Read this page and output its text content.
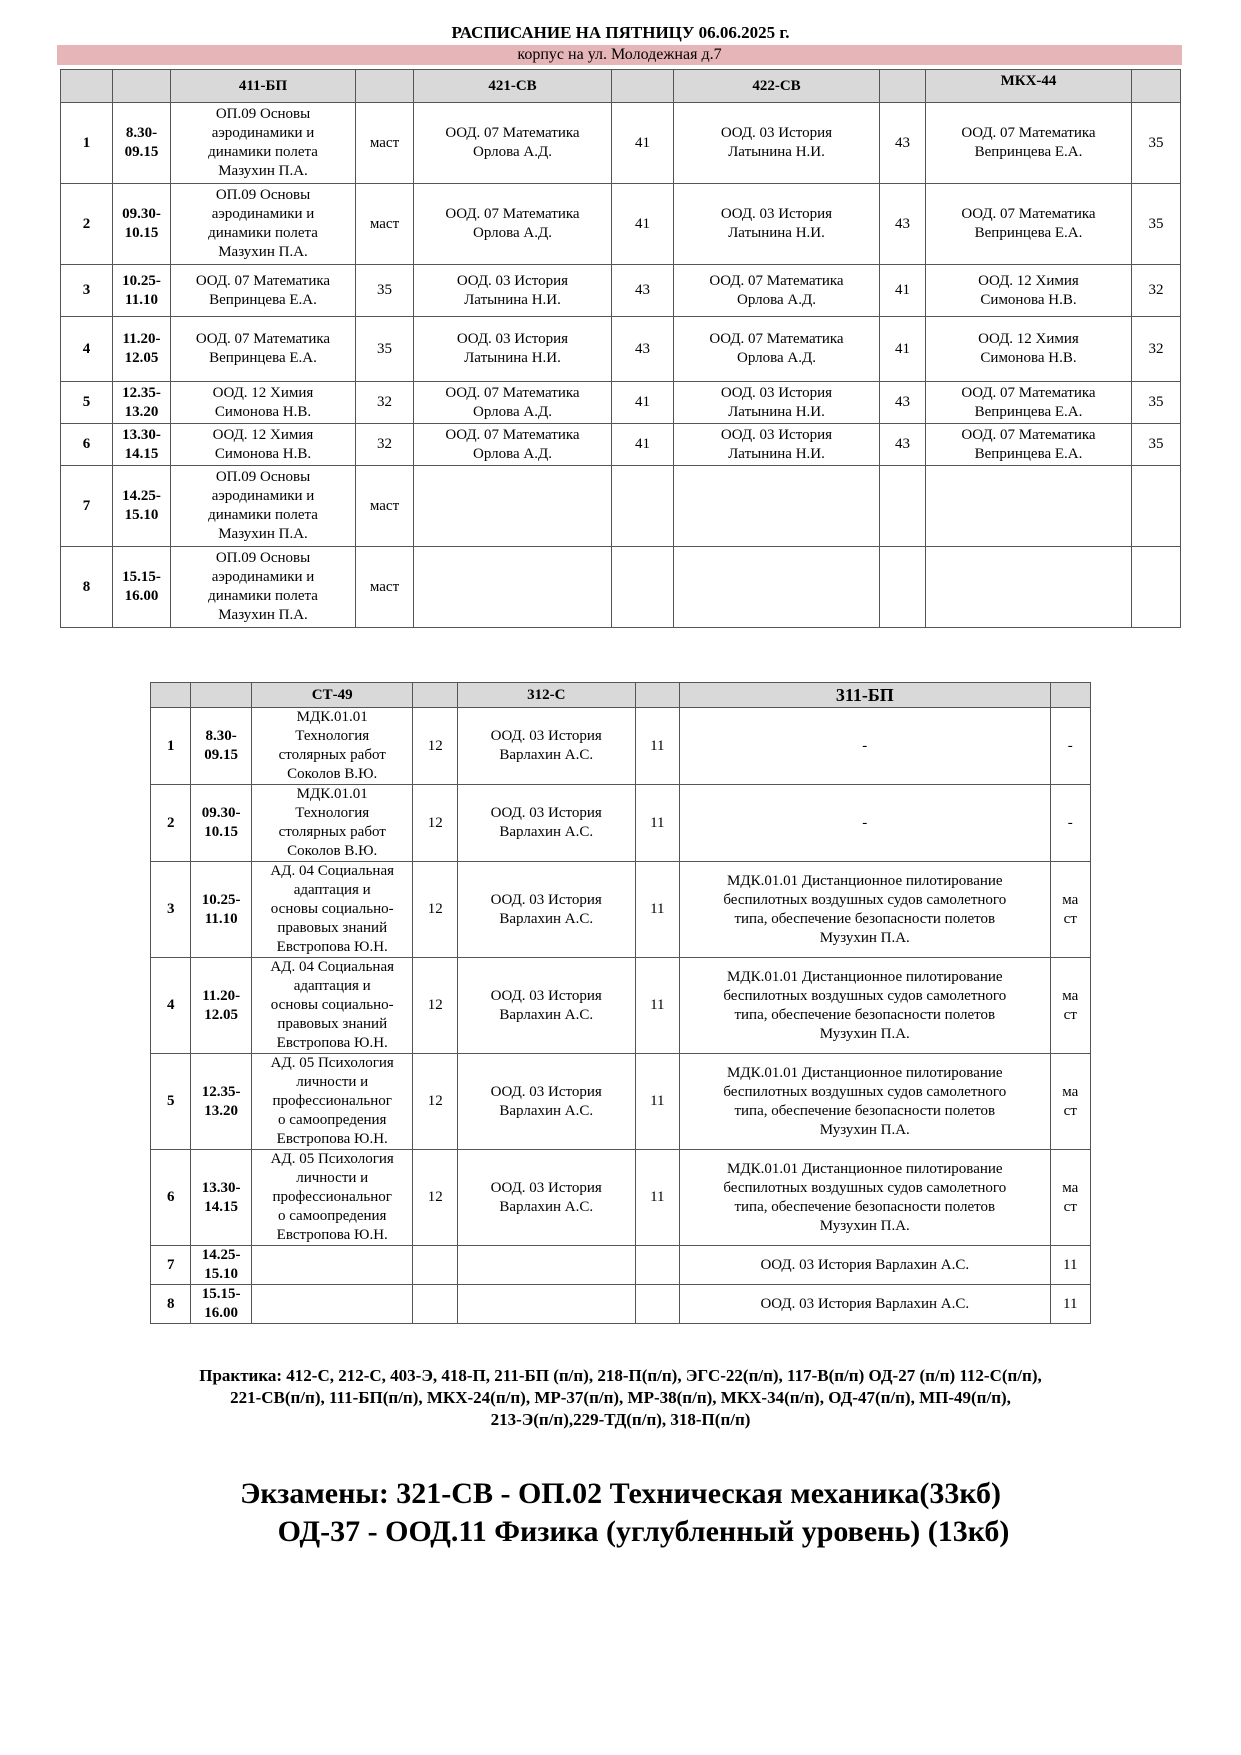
РАСПИСАНИЕ НА ПЯТНИЦУ 06.06.2025 г.
корпус на ул. Молодежная д.7
		411-БП		421-СВ		422-СВ		МКХ-44	
1	8.30-
09.15	ОП.09 Основы
аэродинамики и
динамики полета
Мазухин П.А.	маст	ООД. 07 Математика
Орлова А.Д.	41	ООД. 03 История
Латынина Н.И.	43	ООД. 07 Математика
Вепринцева Е.А.	35
2	09.30-
10.15	ОП.09 Основы
аэродинамики и
динамики полета
Мазухин П.А.	маст	ООД. 07 Математика
Орлова А.Д.	41	ООД. 03 История
Латынина Н.И.	43	ООД. 07 Математика
Вепринцева Е.А.	35
3	10.25-
11.10	ООД. 07 Математика
Вепринцева Е.А.	35	ООД. 03 История
Латынина Н.И.	43	ООД. 07 Математика
Орлова А.Д.	41	ООД. 12 Химия
Симонова Н.В.	32
4	11.20-
12.05	ООД. 07 Математика
Вепринцева Е.А.	35	ООД. 03 История
Латынина Н.И.	43	ООД. 07 Математика
Орлова А.Д.	41	ООД. 12 Химия
Симонова Н.В.	32
5	12.35-
13.20	ООД. 12 Химия
Симонова Н.В.	32	ООД. 07 Математика
Орлова А.Д.	41	ООД. 03 История
Латынина Н.И.	43	ООД. 07 Математика
Вепринцева Е.А.	35
6	13.30-
14.15	ООД. 12 Химия
Симонова Н.В.	32	ООД. 07 Математика
Орлова А.Д.	41	ООД. 03 История
Латынина Н.И.	43	ООД. 07 Математика
Вепринцева Е.А.	35
7	14.25-
15.10	ОП.09 Основы
аэродинамики и
динамики полета
Мазухин П.А.	маст						
8	15.15-
16.00	ОП.09 Основы
аэродинамики и
динамики полета
Мазухин П.А.	маст						
		СТ-49		312-С		311-БП	
1	8.30-
09.15	МДК.01.01
Технология
столярных работ
Соколов В.Ю.	12	ООД. 03 История
Варлахин А.С.	11	-	-
2	09.30-
10.15	МДК.01.01
Технология
столярных работ
Соколов В.Ю.	12	ООД. 03 История
Варлахин А.С.	11	-	-
3	10.25-
11.10	АД. 04 Социальная
адаптация и
основы социально-
правовых знаний
Евстропова Ю.Н.	12	ООД. 03 История
Варлахин А.С.	11	МДК.01.01 Дистанционное пилотирование
беспилотных воздушных судов самолетного
типа, обеспечение безопасности полетов
Музухин П.А.	ма
ст
4	11.20-
12.05	АД. 04 Социальная
адаптация и
основы социально-
правовых знаний
Евстропова Ю.Н.	12	ООД. 03 История
Варлахин А.С.	11	МДК.01.01 Дистанционное пилотирование
беспилотных воздушных судов самолетного
типа, обеспечение безопасности полетов
Музухин П.А.	ма
ст
5	12.35-
13.20	АД. 05 Психология
личности и
профессиональног
о самоопредения
Евстропова Ю.Н.	12	ООД. 03 История
Варлахин А.С.	11	МДК.01.01 Дистанционное пилотирование
беспилотных воздушных судов самолетного
типа, обеспечение безопасности полетов
Музухин П.А.	ма
ст
6	13.30-
14.15	АД. 05 Психология
личности и
профессиональног
о самоопредения
Евстропова Ю.Н.	12	ООД. 03 История
Варлахин А.С.	11	МДК.01.01 Дистанционное пилотирование
беспилотных воздушных судов самолетного
типа, обеспечение безопасности полетов
Музухин П.А.	ма
ст
7	14.25-
15.10					ООД. 03 История Варлахин А.С.	11
8	15.15-
16.00					ООД. 03 История Варлахин А.С.	11
Практика: 412-С, 212-С, 403-Э, 418-П, 211-БП (п/п), 218-П(п/п), ЭГС-22(п/п), 117-В(п/п) ОД-27 (п/п) 112-С(п/п),
221-СВ(п/п), 111-БП(п/п), МКХ-24(п/п), МР-37(п/п), МР-38(п/п), МКХ-34(п/п), ОД-47(п/п), МП-49(п/п),
213-Э(п/п),229-ТД(п/п), 318-П(п/п)
Экзамены: 321-СВ - ОП.02 Техническая механика(33кб)
ОД-37 - ООД.11 Физика (углубленный уровень) (13кб)
